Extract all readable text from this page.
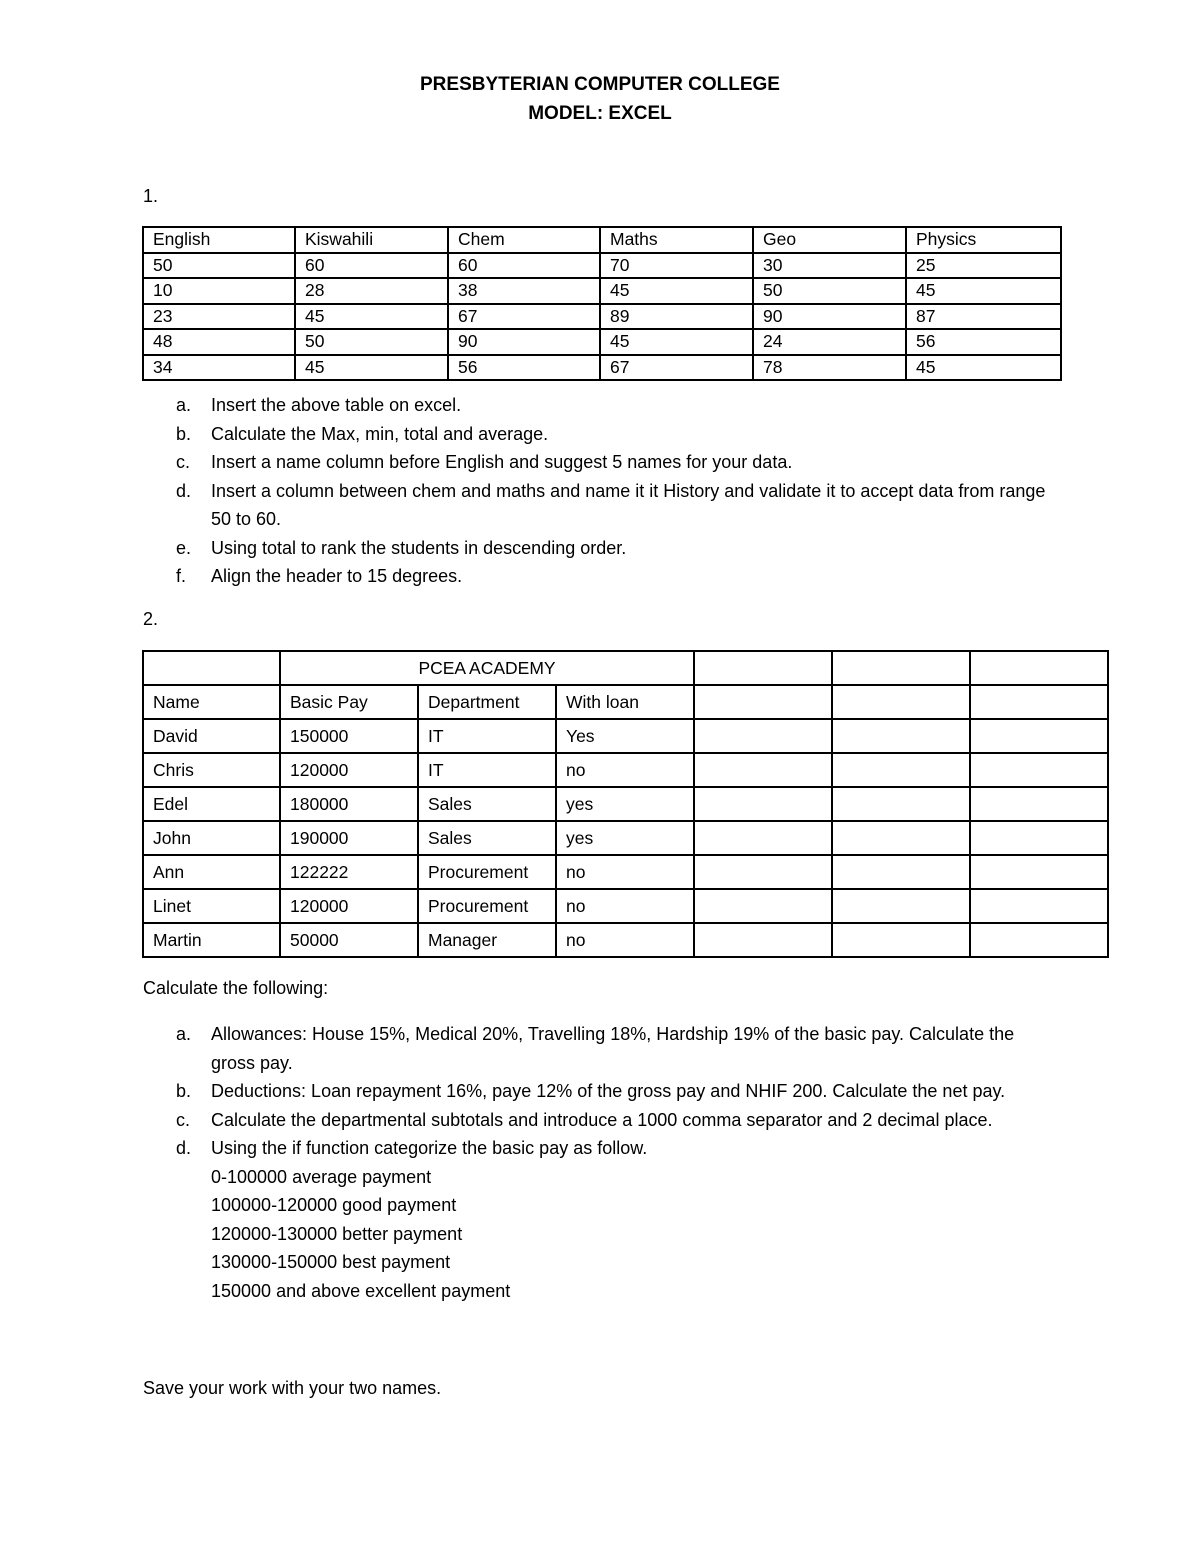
PRESBYTERIAN COMPUTER COLLEGE
MODEL: EXCEL
1.
English	Kiswahili	Chem	Maths	Geo	Physics
50	60	60	70	30	25
10	28	38	45	50	45
23	45	67	89	90	87
48	50	90	45	24	56
34	45	56	67	78	45
a. Insert the above table on excel.
b. Calculate the Max, min, total and average.
c. Insert a name column before English and suggest 5 names for your data.
d. Insert a column between chem and maths and name it it History and validate it to accept data from range 50 to 60.
e. Using total to rank the students in descending order.
f. Align the header to 15 degrees.
2.
	PCEA ACADEMY					
Name	Basic Pay	Department	With loan			
David	150000	IT	Yes			
Chris	120000	IT	no			
Edel	180000	Sales	yes			
John	190000	Sales	yes			
Ann	122222	Procurement	no			
Linet	120000	Procurement	no			
Martin	50000	Manager	no			
Calculate the following:
a. Allowances: House 15%, Medical 20%, Travelling 18%, Hardship 19% of the basic pay. Calculate the gross pay.
b. Deductions: Loan repayment 16%, paye 12% of the gross pay and NHIF 200. Calculate the net pay.
c. Calculate the departmental subtotals and introduce a 1000 comma separator and 2 decimal place.
d. Using the if function categorize the basic pay as follow.
0-100000 average payment
100000-120000 good payment
120000-130000 better payment
130000-150000 best payment
150000 and above excellent payment
Save your work with your two names.
